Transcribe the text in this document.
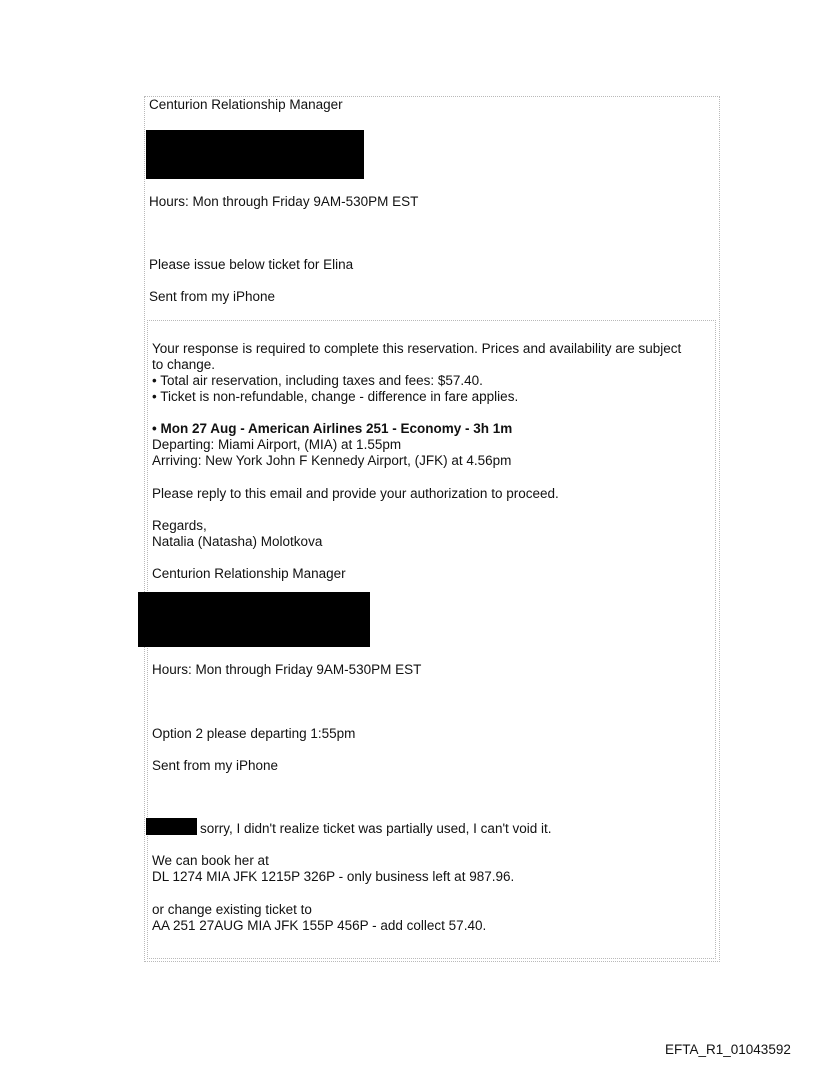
Centurion Relationship Manager
Hours: Mon through Friday 9AM-530PM EST
Please issue below ticket for Elina
Sent from my iPhone
Your response is required to complete this reservation. Prices and availability are subject
to change.
• Total air reservation, including taxes and fees: $57.40.
• Ticket is non-refundable, change - difference in fare applies.
• Mon 27 Aug - American Airlines 251 - Economy - 3h 1m
Departing: Miami Airport, (MIA) at 1.55pm
Arriving: New York John F Kennedy Airport, (JFK) at 4.56pm
Please reply to this email and provide your authorization to proceed.
Regards,
Natalia (Natasha) Molotkova
Centurion Relationship Manager
Hours: Mon through Friday 9AM-530PM EST
Option 2 please departing 1:55pm
Sent from my iPhone
sorry, I didn't realize ticket was partially used, I can't void it.
We can book her at
DL 1274 MIA JFK 1215P 326P - only business left at 987.96.
or change existing ticket to
AA 251 27AUG MIA JFK 155P 456P - add collect 57.40.
EFTA_R1_01043592
